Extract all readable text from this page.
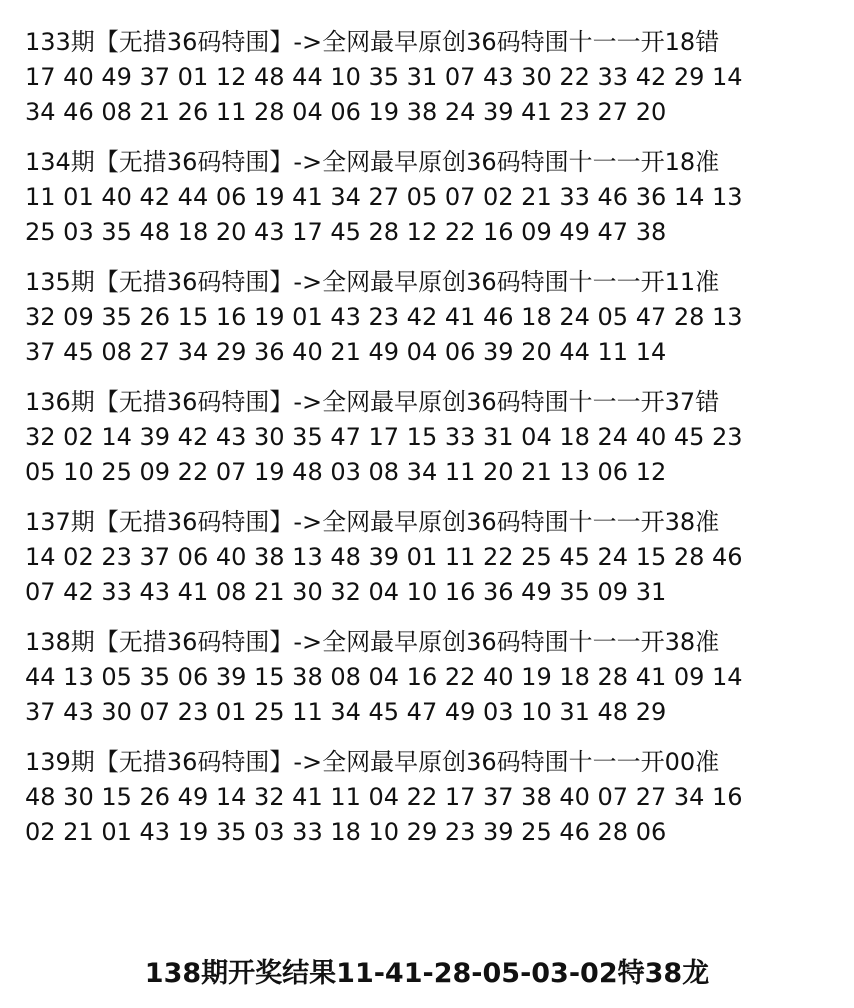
133期【无措36码特围】->全网最早原创36码特围十一一开18错
17 40 49 37 01 12 48 44 10 35 31 07 43 30 22 33 42 29 14
34 46 08 21 26 11 28 04 06 19 38 24 39 41 23 27 20
134期【无措36码特围】->全网最早原创36码特围十一一开18准
11 01 40 42 44 06 19 41 34 27 05 07 02 21 33 46 36 14 13
25 03 35 48 18 20 43 17 45 28 12 22 16 09 49 47 38
135期【无措36码特围】->全网最早原创36码特围十一一开11准
32 09 35 26 15 16 19 01 43 23 42 41 46 18 24 05 47 28 13
37 45 08 27 34 29 36 40 21 49 04 06 39 20 44 11 14
136期【无措36码特围】->全网最早原创36码特围十一一开37错
32 02 14 39 42 43 30 35 47 17 15 33 31 04 18 24 40 45 23
05 10 25 09 22 07 19 48 03 08 34 11 20 21 13 06 12
137期【无措36码特围】->全网最早原创36码特围十一一开38准
14 02 23 37 06 40 38 13 48 39 01 11 22 25 45 24 15 28 46
07 42 33 43 41 08 21 30 32 04 10 16 36 49 35 09 31
138期【无措36码特围】->全网最早原创36码特围十一一开38准
44 13 05 35 06 39 15 38 08 04 16 22 40 19 18 28 41 09 14
37 43 30 07 23 01 25 11 34 45 47 49 03 10 31 48 29
139期【无措36码特围】->全网最早原创36码特围十一一开00准
48 30 15 26 49 14 32 41 11 04 22 17 37 38 40 07 27 34 16
02 21 01 43 19 35 03 33 18 10 29 23 39 25 46 28 06
138期开奖结果11-41-28-05-03-02特38龙
